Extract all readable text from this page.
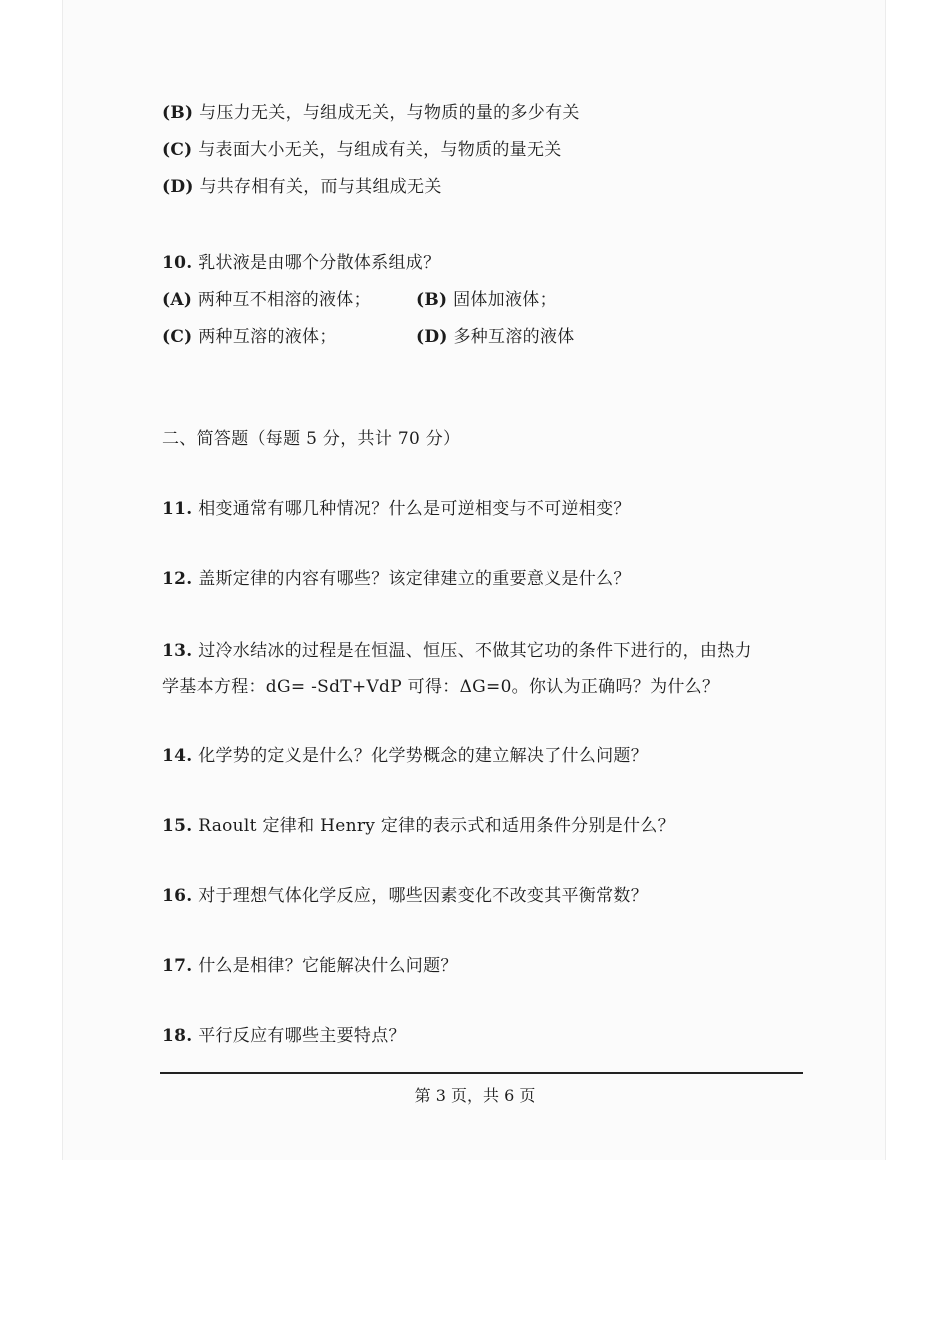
(B) 与压力无关，与组成无关，与物质的量的多少有关
(C) 与表面大小无关，与组成有关，与物质的量无关
(D) 与共存相有关，而与其组成无关
10. 乳状液是由哪个分散体系组成？
(A) 两种互不相溶的液体；	(B) 固体加液体；
(C) 两种互溶的液体；	(D) 多种互溶的液体
二、简答题（每题 5 分，共计 70 分）
11. 相变通常有哪几种情况？什么是可逆相变与不可逆相变？
12. 盖斯定律的内容有哪些？该定律建立的重要意义是什么？
13. 过冷水结冰的过程是在恒温、恒压、不做其它功的条件下进行的，由热力
学基本方程：dG= -SdT+VdP 可得：ΔG=0。你认为正确吗？为什么？
14. 化学势的定义是什么？化学势概念的建立解决了什么问题？
15. Raoult 定律和 Henry 定律的表示式和适用条件分别是什么？
16. 对于理想气体化学反应，哪些因素变化不改变其平衡常数？
17. 什么是相律？它能解决什么问题？
18. 平行反应有哪些主要特点？
第 3 页，共 6 页
